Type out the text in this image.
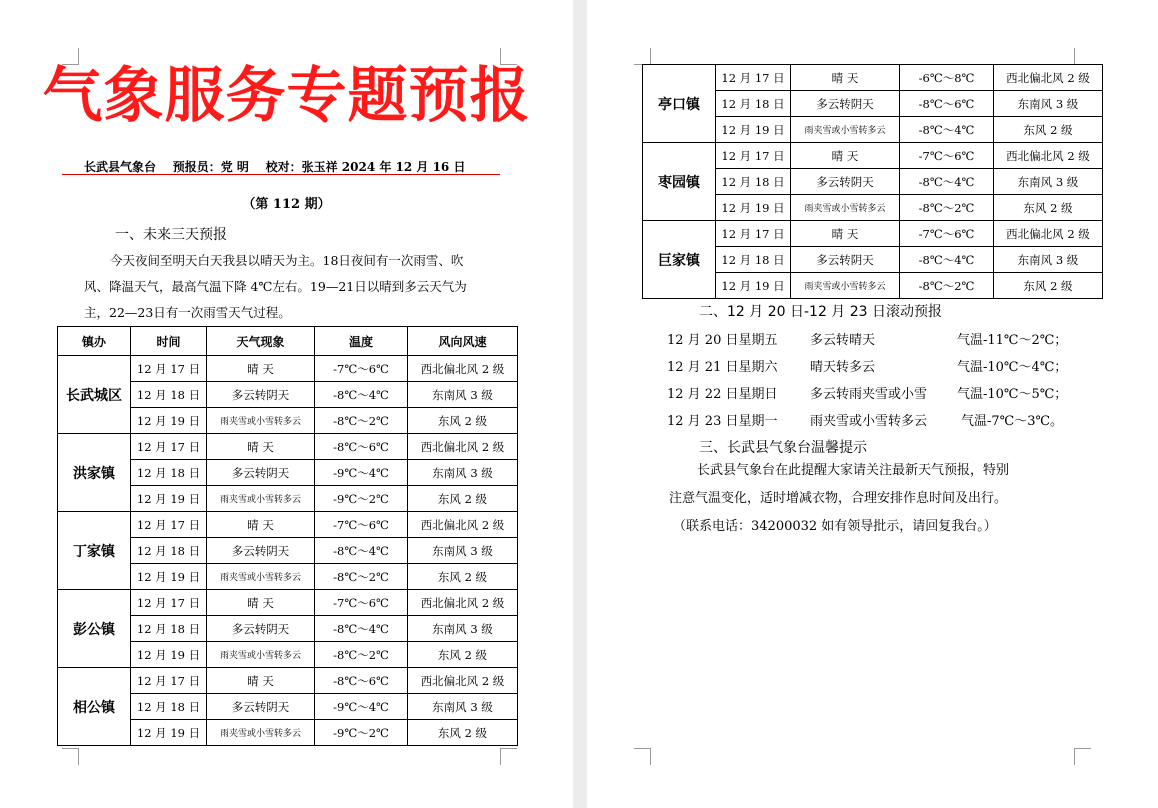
气象服务专题预报
长武县气象台    预报员：党 明    校对：张玉祥 2024 年 12 月 16 日
（第 112 期）
一、未来三天预报
今天夜间至明天白天我县以晴天为主。18日夜间有一次雨雪、吹
风、降温天气，最高气温下降 4℃左右。19—21日以晴到多云天气为
主，22—23日有一次雨雪天气过程。
镇办	时间	天气现象	温度	风向风速
长武城区	12 月 17 日	晴 天	-7℃～6℃	西北偏北风 2 级
	12 月 18 日	多云转阴天	-8℃～4℃	东南风 3 级
	12 月 19 日	雨夹雪或小雪转多云	-8℃～2℃	东风 2 级
洪家镇	12 月 17 日	晴 天	-8℃～6℃	西北偏北风 2 级
	12 月 18 日	多云转阴天	-9℃～4℃	东南风 3 级
	12 月 19 日	雨夹雪或小雪转多云	-9℃～2℃	东风 2 级
丁家镇	12 月 17 日	晴 天	-7℃～6℃	西北偏北风 2 级
	12 月 18 日	多云转阴天	-8℃～4℃	东南风 3 级
	12 月 19 日	雨夹雪或小雪转多云	-8℃～2℃	东风 2 级
彭公镇	12 月 17 日	晴 天	-7℃～6℃	西北偏北风 2 级
	12 月 18 日	多云转阴天	-8℃～4℃	东南风 3 级
	12 月 19 日	雨夹雪或小雪转多云	-8℃～2℃	东风 2 级
相公镇	12 月 17 日	晴 天	-8℃～6℃	西北偏北风 2 级
	12 月 18 日	多云转阴天	-9℃～4℃	东南风 3 级
	12 月 19 日	雨夹雪或小雪转多云	-9℃～2℃	东风 2 级
亭口镇	12 月 17 日	晴 天	-6℃～8℃	西北偏北风 2 级
	12 月 18 日	多云转阴天	-8℃～6℃	东南风 3 级
	12 月 19 日	雨夹雪或小雪转多云	-8℃～4℃	东风 2 级
枣园镇	12 月 17 日	晴 天	-7℃～6℃	西北偏北风 2 级
	12 月 18 日	多云转阴天	-8℃～4℃	东南风 3 级
	12 月 19 日	雨夹雪或小雪转多云	-8℃～2℃	东风 2 级
巨家镇	12 月 17 日	晴 天	-7℃～6℃	西北偏北风 2 级
	12 月 18 日	多云转阴天	-8℃～4℃	东南风 3 级
	12 月 19 日	雨夹雪或小雪转多云	-8℃～2℃	东风 2 级
二、12 月 20 日-12 月 23 日滚动预报
12 月 20 日星期五	多云转晴天	气温-11℃～2℃；
12 月 21 日星期六	晴天转多云	气温-10℃～4℃；
12 月 22 日星期日	多云转雨夹雪或小雪 气温-10℃～5℃；
12 月 23 日星期一	雨夹雪或小雪转多云	气温-7℃～3℃。
三、长武县气象台温馨提示
长武县气象台在此提醒大家请关注最新天气预报，特别
注意气温变化，适时增减衣物，合理安排作息时间及出行。
（联系电话：34200032 如有领导批示，请回复我台。）
